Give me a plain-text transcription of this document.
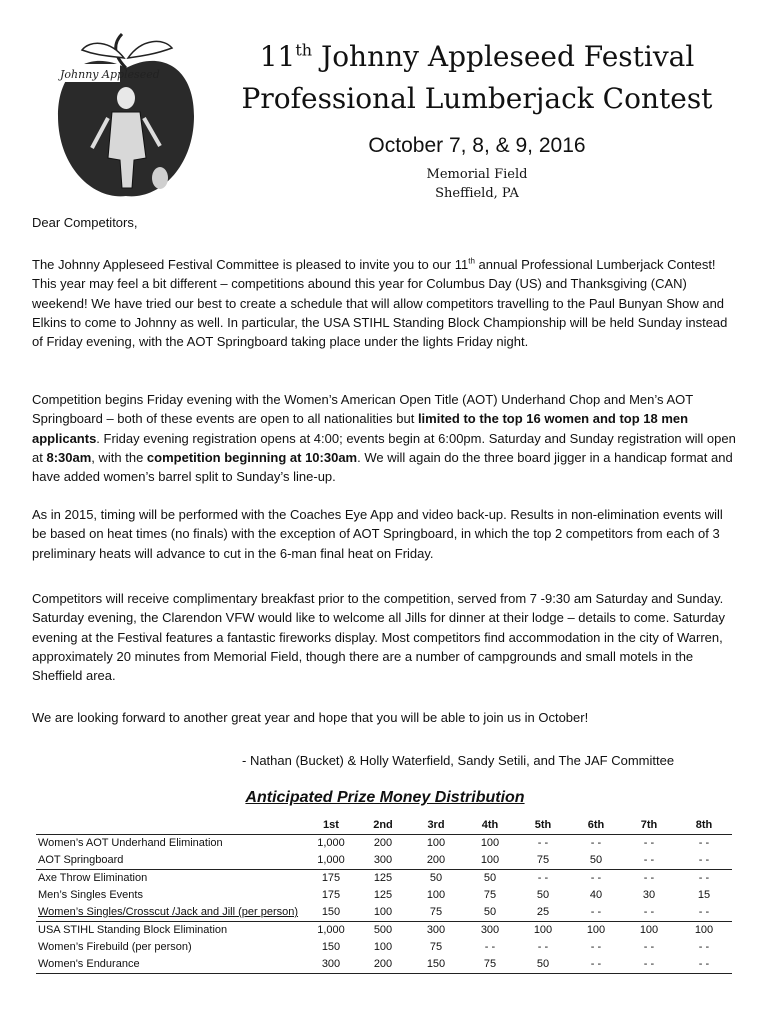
Johnny Appleseed
11th Johnny Appleseed Festival
Professional Lumberjack Contest
October 7, 8, & 9, 2016
Memorial Field
Sheffield, PA

Dear Competitors,

The Johnny Appleseed Festival Committee is pleased to invite you to our 11th annual Professional Lumberjack Contest! This year may feel a bit different – competitions abound this year for Columbus Day (US) and Thanksgiving (CAN) weekend! We have tried our best to create a schedule that will allow competitors travelling to the Paul Bunyan Show and Elkins to come to Johnny as well. In particular, the USA STIHL Standing Block Championship will be held Sunday instead of Friday evening, with the AOT Springboard taking place under the lights Friday night.

Competition begins Friday evening with the Women’s American Open Title (AOT) Underhand Chop and Men’s AOT Springboard – both of these events are open to all nationalities but limited to the top 16 women and top 18 men applicants. Friday evening registration opens at 4:00; events begin at 6:00pm. Saturday and Sunday registration will open at 8:30am, with the competition beginning at 10:30am. We will again do the three board jigger in a handicap format and have added women’s barrel split to Sunday’s line-up.

As in 2015, timing will be performed with the Coaches Eye App and video back-up. Results in non-elimination events will be based on heat times (no finals) with the exception of AOT Springboard, in which the top 2 competitors from each of 3 preliminary heats will advance to cut in the 6-man final heat on Friday.

Competitors will receive complimentary breakfast prior to the competition, served from 7 -9:30 am Saturday and Sunday. Saturday evening, the Clarendon VFW would like to welcome all Jills for dinner at their lodge – details to come. Saturday evening at the Festival features a fantastic fireworks display. Most competitors find accommodation in the city of Warren, approximately 20 minutes from Memorial Field, though there are a number of campgrounds and small motels in the Sheffield area.

We are looking forward to another great year and hope that you will be able to join us in October!

- Nathan (Bucket) & Holly Waterfield, Sandy Setili, and The JAF Committee
Anticipated Prize Money Distribution
	1st	2nd	3rd	4th	5th	6th	7th	8th
Women’s AOT Underhand Elimination	1,000	200	100	100	- -	- -	- -	- -
AOT Springboard	1,000	300	200	100	75	50	- -	- -
Axe Throw Elimination	175	125	50	50	- -	- -	- -	- -
Men’s Singles Events	175	125	100	75	50	40	30	15
Women’s Singles/Crosscut /Jack and Jill (per person)	150	100	75	50	25	- -	- -	- -
USA STIHL Standing Block Elimination	1,000	500	300	300	100	100	100	100
Women’s Firebuild (per person)	150	100	75	- -	- -	- -	- -	- -
Women's Endurance	300	200	150	75	50	- -	- -	- -
